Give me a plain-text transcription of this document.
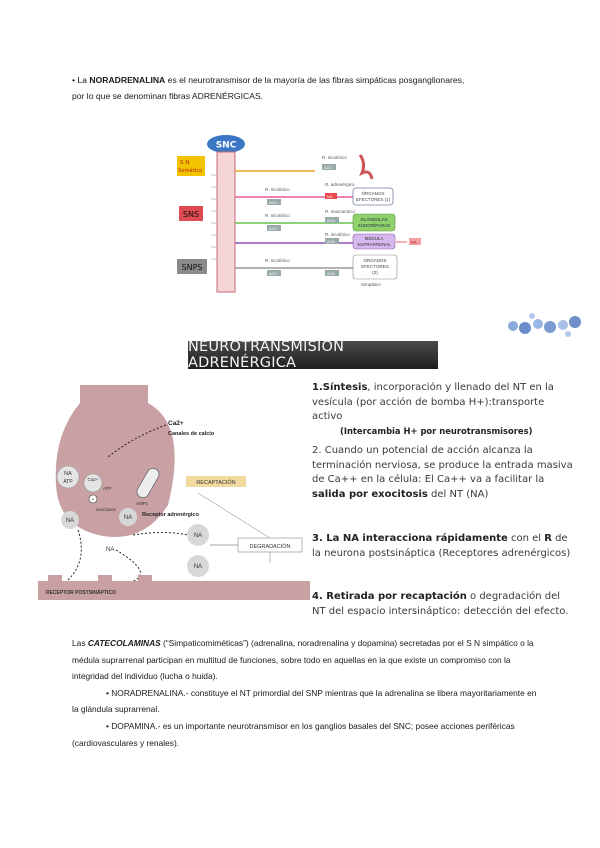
• La NORADRENALINA es el neurotransmisor de la mayoría de las fibras simpáticas posganglionares,
por lo que se denominan fibras ADRENÉRGICAS.
SNC
S N
Somático
SNS
SNPS
R. nicotínico
ACh
R. nicotínico
ACh
R. adrenérgico
NA
ÓRGANOS
EFECTORES (1)
R. nicotínico
ACh
R. muscarínico
ACh	GLÁNDULAS
SUDORÍPARAS
R. nicotínico
ACh
MÉDULA
SUPRARRENAL	NA
R. nicotínico
ACh	ACh
ÓRGANOS
EFECTORES
(2)
Simpático
NEUROTRANSMISIÓN ADRENÉRGICA
NA
ATP	Ca2+
•
exocitosis
NA	NA
ATP
AMPc
Ca2+
Canales de calcio
RECAPTACIÓN
NA
NA
Receptor adrenérgico
DEGRADACIÓN
NA
RECEPTOR POSTSINÁPTICO
1.Síntesis, incorporación y llenado del NT en la vesícula (por acción de bomba H+):transporte activo
(Intercambia H+ por neurotransmisores)
2. Cuando un potencial de acción alcanza la terminación nerviosa, se produce la entrada masiva de Ca++ en la célula: El Ca++ va a facilitar la salida por exocitosis del NT (NA)
3. La NA interacciona rápidamente con el R de la neurona postsináptica (Receptores adrenérgicos)
4. Retirada por recaptación o degradación del NT del espacio intersináptico: detección del efecto.
Las CATECOLAMINAS (“Simpaticomiméticas”) (adrenalina, noradrenalina y dopamina) secretadas por el S N simpático o la médula suprarrenal participan en multitud de funciones, sobre todo en aquellas en la que existe un compromiso con la integridad del individuo (lucha o huida).
• NORADRENALINA.- constituye el NT primordial del SNP mientras que la adrenalina se libera mayoritariamente en la glándula suprarrenal.
• DOPAMINA.- es un importante neurotransmisor en los ganglios basales del SNC; posee acciones periféricas (cardiovasculares y renales).
